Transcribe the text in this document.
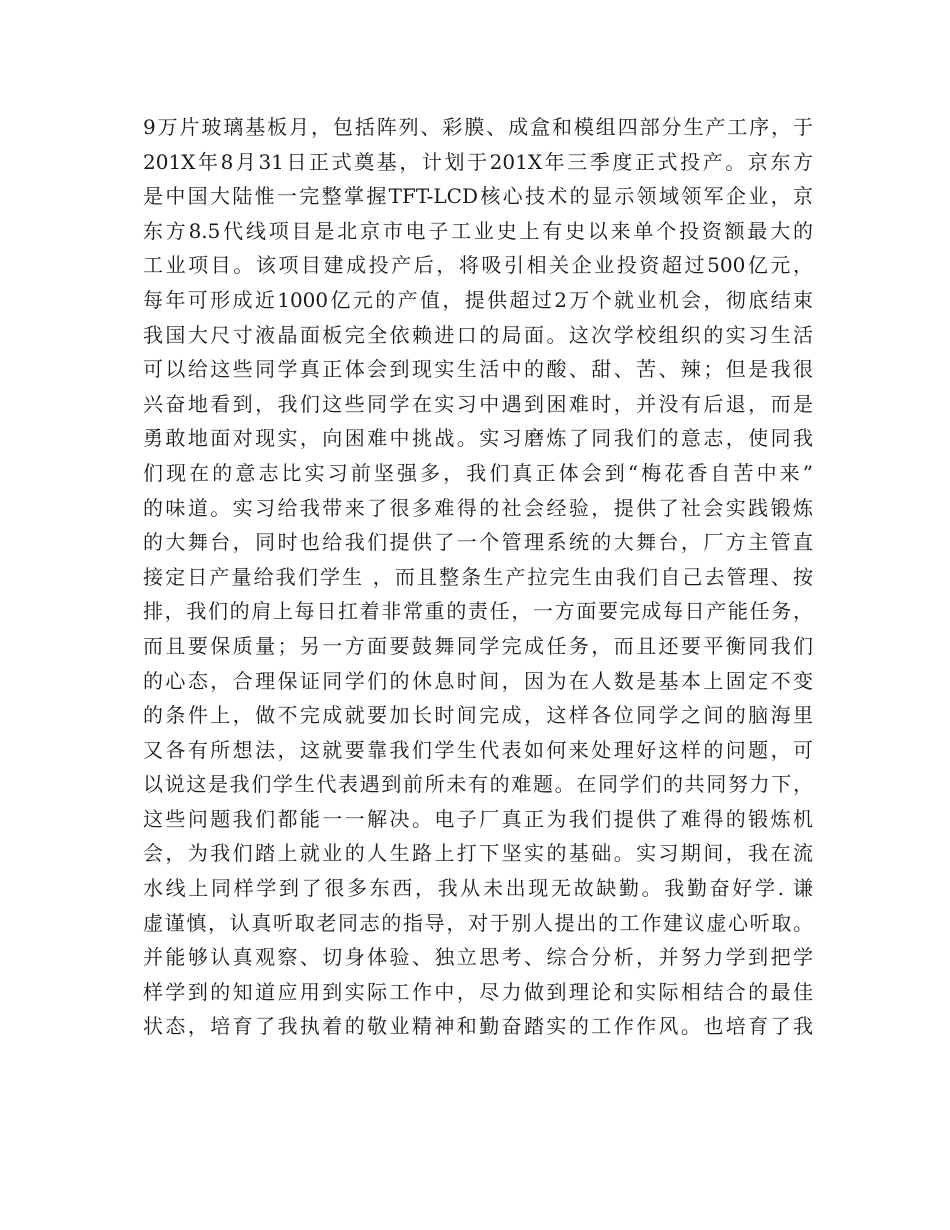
9万片玻璃基板月，包括阵列、彩膜、成盒和模组四部分生产工序，于
201X年8月31日正式奠基，计划于201X年三季度正式投产。京东方
是中国大陆惟一完整掌握TFT-LCD核心技术的显示领域领军企业，京
东方8.5代线项目是北京市电子工业史上有史以来单个投资额最大的
工业项目。该项目建成投产后，将吸引相关企业投资超过500亿元，
每年可形成近1000亿元的产值，提供超过2万个就业机会，彻底结束
我国大尺寸液晶面板完全依赖进口的局面。这次学校组织的实习生活
可以给这些同学真正体会到现实生活中的酸、甜、苦、辣；但是我很
兴奋地看到，我们这些同学在实习中遇到困难时，并没有后退，而是
勇敢地面对现实，向困难中挑战。实习磨炼了同我们的意志，使同我
们现在的意志比实习前坚强多，我们真正体会到“梅花香自苦中来”
的味道。实习给我带来了很多难得的社会经验，提供了社会实践锻炼
的大舞台，同时也给我们提供了一个管理系统的大舞台，厂方主管直
接定日产量给我们学生 ，而且整条生产拉完生由我们自己去管理、按
排，我们的肩上每日扛着非常重的责任，一方面要完成每日产能任务，
而且要保质量；另一方面要鼓舞同学完成任务，而且还要平衡同我们
的心态，合理保证同学们的休息时间，因为在人数是基本上固定不变
的条件上，做不完成就要加长时间完成，这样各位同学之间的脑海里
又各有所想法，这就要靠我们学生代表如何来处理好这样的问题，可
以说这是我们学生代表遇到前所未有的难题。在同学们的共同努力下，
这些问题我们都能一一解决。电子厂真正为我们提供了难得的锻炼机
会，为我们踏上就业的人生路上打下坚实的基础。实习期间，我在流
水线上同样学到了很多东西，我从未出现无故缺勤。我勤奋好学. 谦
虚谨慎，认真听取老同志的指导，对于别人提出的工作建议虚心听取。
并能够认真观察、切身体验、独立思考、综合分析，并努力学到把学
样学到的知道应用到实际工作中，尽力做到理论和实际相结合的最佳
状态，培育了我执着的敬业精神和勤奋踏实的工作作风。也培育了我
